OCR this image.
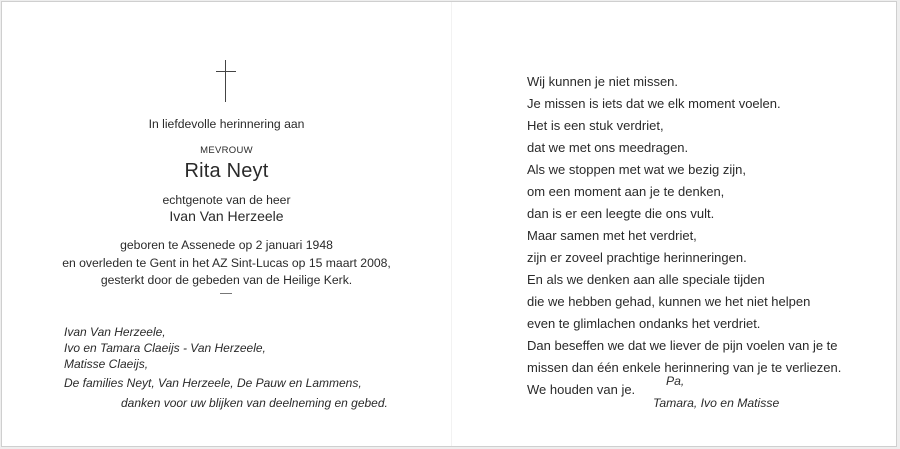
In liefdevolle herinnering aan
MEVROUW
Rita Neyt
echtgenote van de heer
Ivan Van Herzeele
geboren te Assenede op 2 januari 1948
en overleden te Gent in het AZ Sint-Lucas op 15 maart 2008,
gesterkt door de gebeden van de Heilige Kerk.
Ivan Van Herzeele,
Ivo en Tamara Claeijs - Van Herzeele,
Matisse Claeijs,
De families Neyt, Van Herzeele, De Pauw en Lammens,
danken voor uw blijken van deelneming en gebed.
Wij kunnen je niet missen.
Je missen is iets dat we elk moment voelen.
Het is een stuk verdriet,
dat we met ons meedragen.
Als we stoppen met wat we bezig zijn,
om een moment aan je te denken,
dan is er een leegte die ons vult.
Maar samen met het verdriet,
zijn er zoveel prachtige herinneringen.
En als we denken aan alle speciale tijden
die we hebben gehad, kunnen we het niet helpen
even te glimlachen ondanks het verdriet.
Dan beseffen we dat we liever de pijn voelen van je te
missen dan één enkele herinnering van je te verliezen.
We houden van je.
Pa,
Tamara, Ivo en Matisse
